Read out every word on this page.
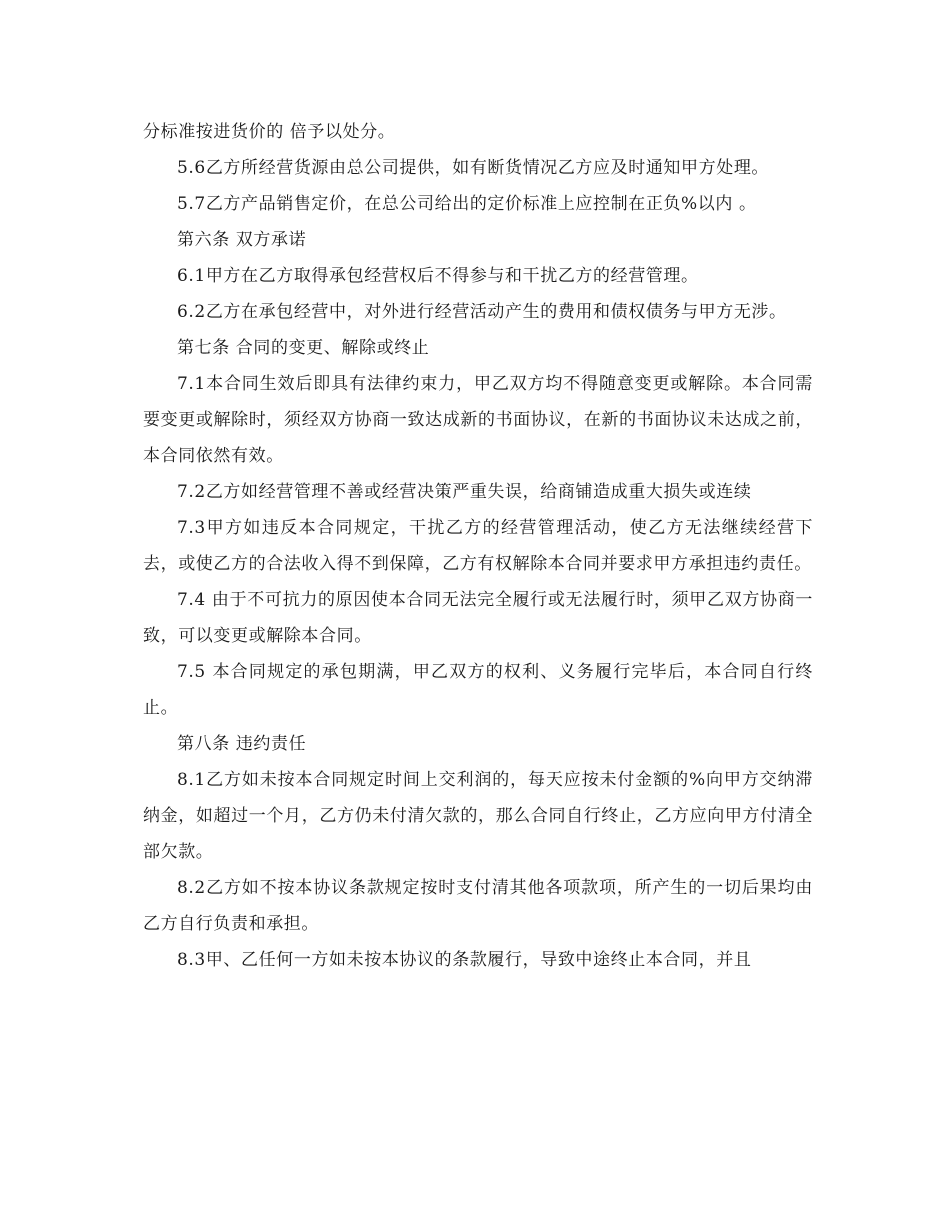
分标准按进货价的 倍予以处分。

5.6乙方所经营货源由总公司提供，如有断货情况乙方应及时通知甲方处理。

5.7乙方产品销售定价，在总公司给出的定价标准上应控制在正负%以内 。

第六条 双方承诺

6.1甲方在乙方取得承包经营权后不得参与和干扰乙方的经营管理。

6.2乙方在承包经营中，对外进行经营活动产生的费用和债权债务与甲方无涉。

第七条 合同的变更、解除或终止

7.1本合同生效后即具有法律约束力，甲乙双方均不得随意变更或解除。本合同需要变更或解除时，须经双方协商一致达成新的书面协议，在新的书面协议未达成之前，本合同依然有效。

7.2乙方如经营管理不善或经营决策严重失误，给商铺造成重大损失或连续

7.3甲方如违反本合同规定，干扰乙方的经营管理活动，使乙方无法继续经营下去，或使乙方的合法收入得不到保障，乙方有权解除本合同并要求甲方承担违约责任。

7.4 由于不可抗力的原因使本合同无法完全履行或无法履行时，须甲乙双方协商一致，可以变更或解除本合同。

7.5 本合同规定的承包期满，甲乙双方的权利、义务履行完毕后，本合同自行终止。

第八条 违约责任

8.1乙方如未按本合同规定时间上交利润的，每天应按未付金额的%向甲方交纳滞纳金，如超过一个月，乙方仍未付清欠款的，那么合同自行终止，乙方应向甲方付清全部欠款。

8.2乙方如不按本协议条款规定按时支付清其他各项款项，所产生的一切后果均由乙方自行负责和承担。

8.3甲、乙任何一方如未按本协议的条款履行，导致中途终止本合同，并且
